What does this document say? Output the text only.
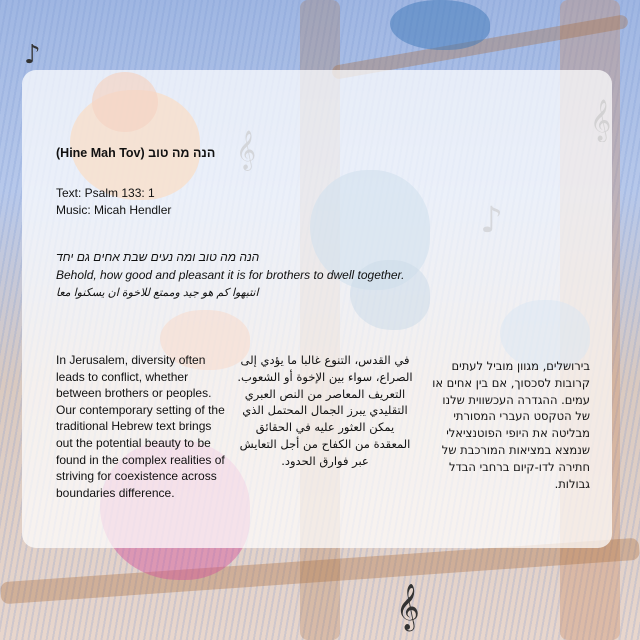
♪
𝄞
(Hine Mah Tov) הנה מה טוב
Text: Psalm 133: 1
Music: Micah Hendler
הנה מה טוב ומה נעים שבת אחים גם יחד
Behold, how good and pleasant it is for brothers to dwell together.
انتبهوا كم هو جيد وممتع للاخوة ان يسكنوا معا
In Jerusalem, diversity often leads to conflict, whether between brothers or peoples. Our contemporary setting of the traditional Hebrew text brings out the potential beauty to be found in the complex realities of striving for coexistence across boundaries difference.
في القدس، التنوع غالبا ما يؤدي إلى الصراع، سواء بين الإخوة أو الشعوب. التعريف المعاصر من النص العبري التقليدي يبرز الجمال المحتمل الذي يمكن العثور عليه في الحقائق المعقدة من الكفاح من أجل التعايش عبر فوارق الحدود.
בירושלים, מגוון מוביל לעתים קרובות לסכסוך, אם בין אחים או עמים. ההגדרה העכשווית שלנו של הטקסט העברי המסורתי מבליטה את היופי הפוטנציאלי שנמצא במציאות המורכבת של חתירה לדו-קיום ברחבי הבדל גבולות.
